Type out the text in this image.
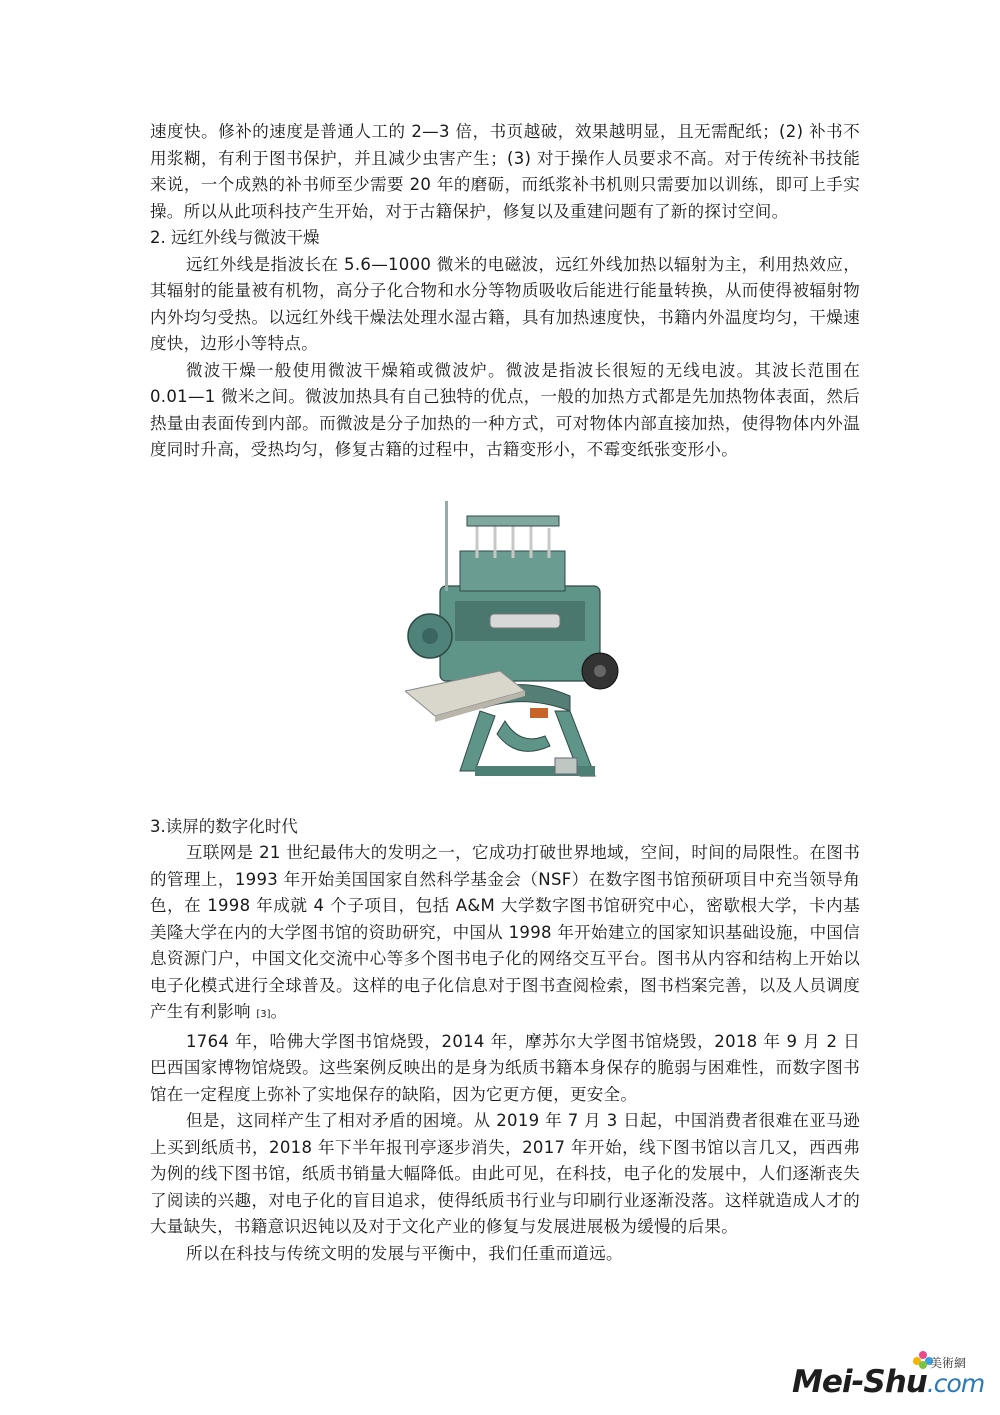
速度快。修补的速度是普通人工的 2—3 倍，书页越破，效果越明显，且无需配纸；(2) 补书不用浆糊，有利于图书保护，并且减少虫害产生；(3) 对于操作人员要求不高。对于传统补书技能来说，一个成熟的补书师至少需要 20 年的磨砺，而纸浆补书机则只需要加以训练，即可上手实操。所以从此项科技产生开始，对于古籍保护，修复以及重建问题有了新的探讨空间。

2. 远红外线与微波干燥

远红外线是指波长在 5.6—1000 微米的电磁波，远红外线加热以辐射为主，利用热效应，其辐射的能量被有机物，高分子化合物和水分等物质吸收后能进行能量转换，从而使得被辐射物内外均匀受热。以远红外线干燥法处理水湿古籍，具有加热速度快，书籍内外温度均匀，干燥速度快，边形小等特点。

微波干燥一般使用微波干燥箱或微波炉。微波是指波长很短的无线电波。其波长范围在 0.01—1 微米之间。微波加热具有自己独特的优点，一般的加热方式都是先加热物体表面，然后热量由表面传到内部。而微波是分子加热的一种方式，可对物体内部直接加热，使得物体内外温度同时升高，受热均匀，修复古籍的过程中，古籍变形小，不霉变纸张变形小。

3.读屏的数字化时代

互联网是 21 世纪最伟大的发明之一，它成功打破世界地域，空间，时间的局限性。在图书的管理上，1993 年开始美国国家自然科学基金会（NSF）在数字图书馆预研项目中充当领导角色，在 1998 年成就 4 个子项目，包括 A&M 大学数字图书馆研究中心，密歇根大学，卡内基美隆大学在内的大学图书馆的资助研究，中国从 1998 年开始建立的国家知识基础设施，中国信息资源门户，中国文化交流中心等多个图书电子化的网络交互平台。图书从内容和结构上开始以电子化模式进行全球普及。这样的电子化信息对于图书查阅检索，图书档案完善，以及人员调度产生有利影响 [3]。

1764 年，哈佛大学图书馆烧毁，2014 年，摩苏尔大学图书馆烧毁，2018 年 9 月 2 日巴西国家博物馆烧毁。这些案例反映出的是身为纸质书籍本身保存的脆弱与困难性，而数字图书馆在一定程度上弥补了实地保存的缺陷，因为它更方便，更安全。

但是，这同样产生了相对矛盾的困境。从 2019 年 7 月 3 日起，中国消费者很难在亚马逊上买到纸质书，2018 年下半年报刊亭逐步消失，2017 年开始，线下图书馆以言几又，西西弗为例的线下图书馆，纸质书销量大幅降低。由此可见，在科技，电子化的发展中，人们逐渐丧失了阅读的兴趣，对电子化的盲目追求，使得纸质书行业与印刷行业逐渐没落。这样就造成人才的大量缺失，书籍意识迟钝以及对于文化产业的修复与发展进展极为缓慢的后果。

所以在科技与传统文明的发展与平衡中，我们任重而道远。

美術網
Mei-Shu.com
